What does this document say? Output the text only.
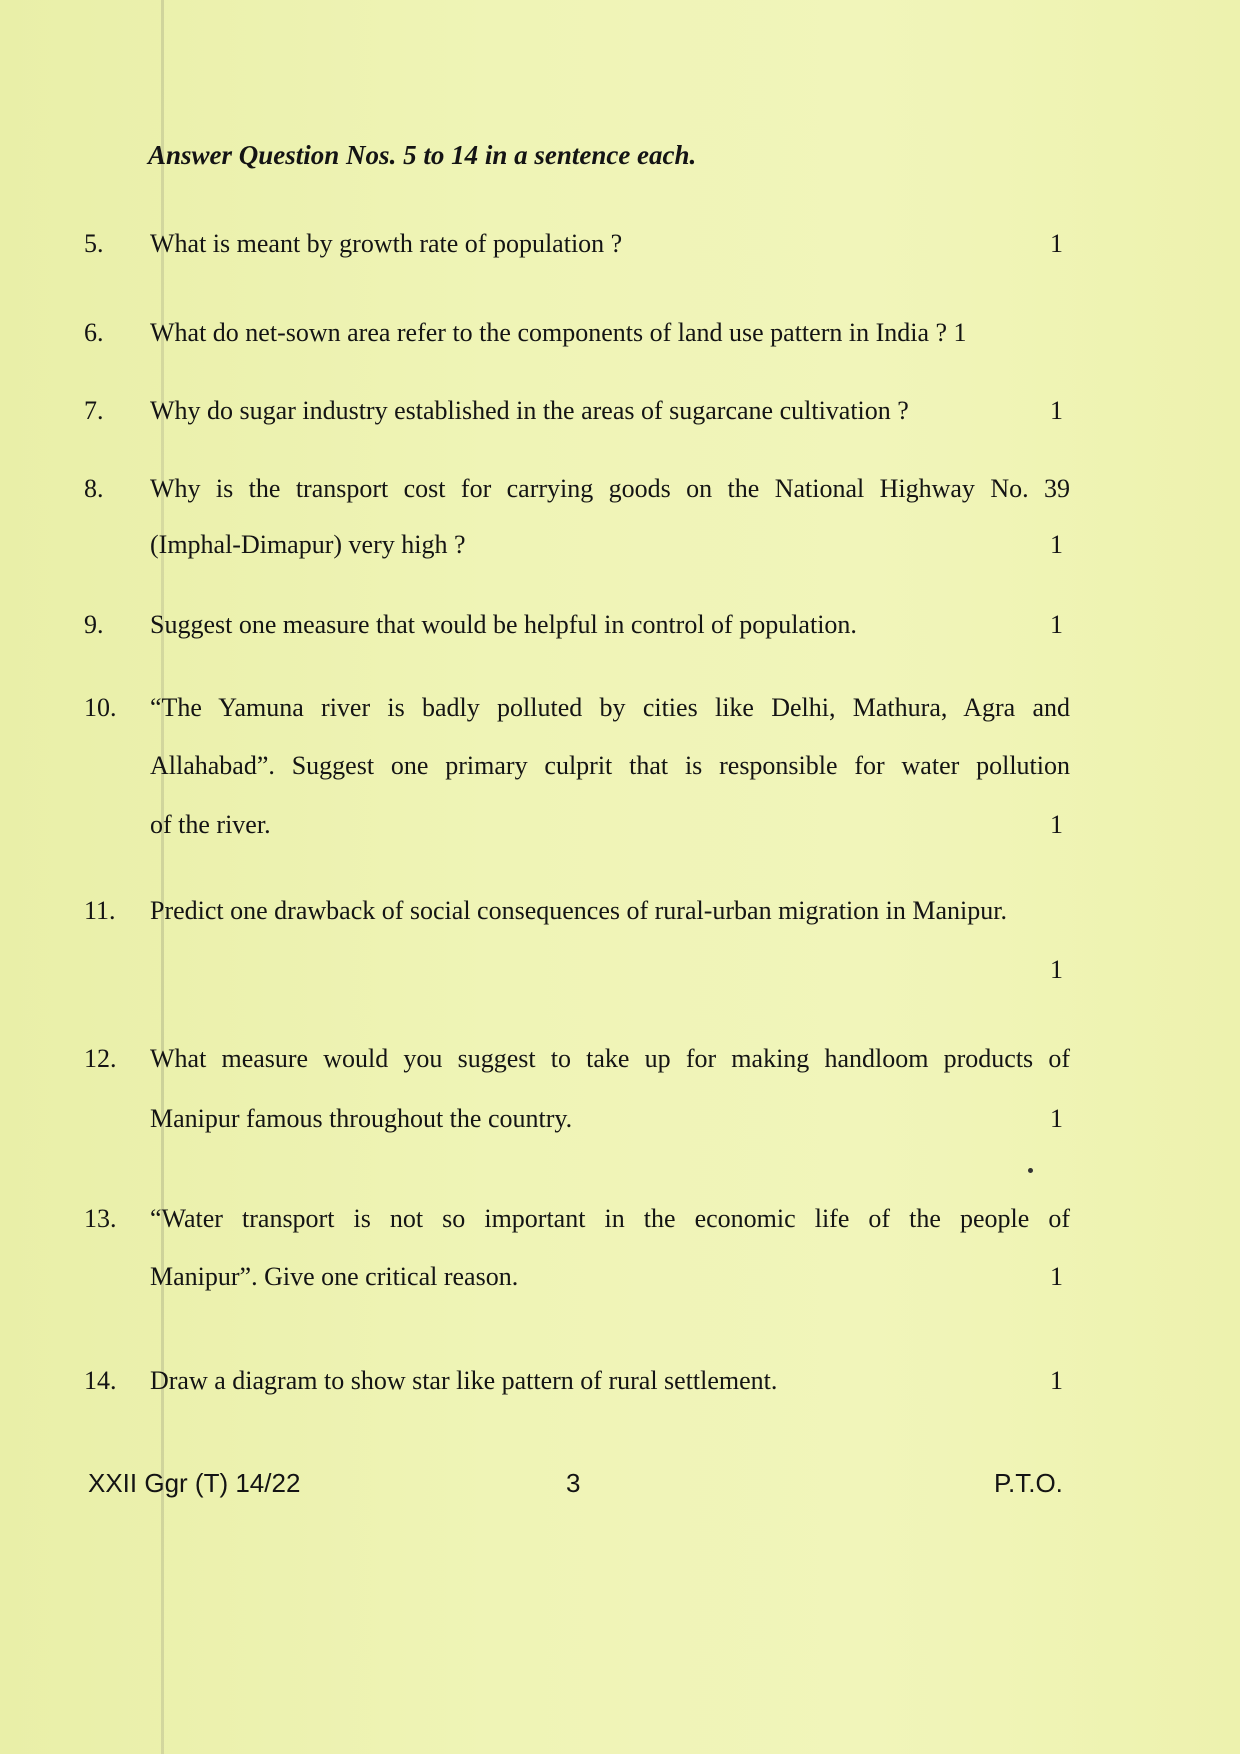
Answer Question Nos. 5 to 14 in a sentence each.
5. What is meant by growth rate of population ?	1
6. What do net-sown area refer to the components of land use pattern in India ? 1
7. Why do sugar industry established in the areas of sugarcane cultivation ?	1
8. Why is the transport cost for carrying goods on the National Highway No. 39
(Imphal-Dimapur) very high ?	1
9. Suggest one measure that would be helpful in control of population.	1
10. “The Yamuna river is badly polluted by cities like Delhi, Mathura, Agra and
Allahabad”. Suggest one primary culprit that is responsible for water pollution
of the river.	1
11. Predict one drawback of social consequences of rural-urban migration in Manipur.
1
12. What measure would you suggest to take up for making handloom products of
Manipur famous throughout the country.	1
13. “Water transport is not so important in the economic life of the people of
Manipur”. Give one critical reason.	1
14. Draw a diagram to show star like pattern of rural settlement.	1
XXII Ggr (T) 14/22	3	P.T.O.
